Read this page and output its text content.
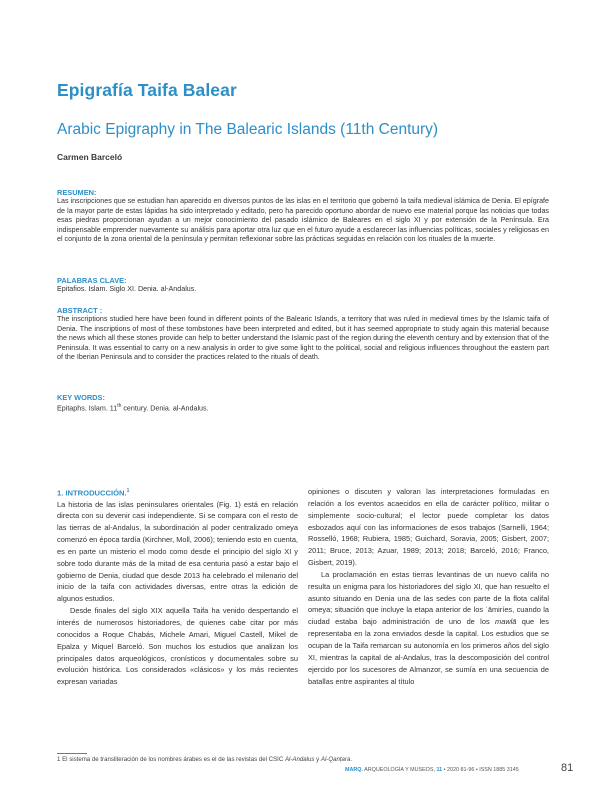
Epigrafía Taifa Balear
Arabic Epigraphy in The Balearic Islands (11th Century)
Carmen Barceló
RESUMEN:
Las inscripciones que se estudian han aparecido en diversos puntos de las islas en el territorio que gobernó la taifa medieval islámica de Denia. El epígrafe de la mayor parte de estas lápidas ha sido interpretado y editado, pero ha parecido oportuno abordar de nuevo ese material porque las noticias que todas esas piedras proporcionan ayudan a un mejor conocimiento del pasado islámico de Baleares en el siglo XI y por extensión de la Península. Era indispensable emprender nuevamente su análisis para aportar otra luz que en el futuro ayude a esclarecer las influencias políticas, sociales y religiosas en el conjunto de la zona oriental de la península y permitan reflexionar sobre las prácticas seguidas en relación con los rituales de la muerte.
PALABRAS CLAVE:
Epitafios. Islam. Siglo XI. Denia. al-Andalus.
ABSTRACT :
The inscriptions studied here have been found in different points of the Balearic Islands, a territory that was ruled in medieval times by the Islamic taifa of Denia. The inscriptions of most of these tombstones have been interpreted and edited, but it has seemed appropriate to study again this material because the news which all these stones provide can help to better understand the Islamic past of the region during the eleventh century and by extension that of the Peninsula. It was essential to carry on a new analysis in order to give some light to the political, social and religious influences throughout the eastern part of the Iberian Peninsula and to consider the practices related to the rituals of death.
KEY WORDS:
Epitaphs. Islam. 11th century. Denia. al-Andalus.
1. INTRODUCCIÓN.$^1$

La historia de las islas peninsulares orientales (Fig. 1) está en relación directa con su devenir casi independiente. Si se compara con el resto de las tierras de al-Andalus, la subordinación al poder centralizado omeya comenzó en época tardía (Kirchner, Moll, 2006); teniendo esto en cuenta, es en parte un misterio el modo como desde el principio del siglo XI y sobre todo durante más de la mitad de esa centuria pasó a estar bajo el gobierno de Denia, ciudad que desde 2013 ha celebrado el milenario del inicio de la taifa con actividades diversas, entre otras la edición de algunos estudios.

Desde finales del siglo XIX aquella Taifa ha venido despertando el interés de numerosos historiadores, de quienes cabe citar por más conocidos a Roque Chabás, Michele Amari, Miguel Castell, Mikel de Epalza y Miquel Barceló. Son muchos los estudios que analizan los principales datos arqueológicos, cronísticos y documentales sobre su evolución histórica. Los considerados «clásicos» y los más recientes expresan variadas

opiniones o discuten y valoran las interpretaciones formuladas en relación a los eventos acaecidos en ella de carácter político, militar o simplemente socio-cultural; el lector puede completar los datos esbozados aquí con las informaciones de esos trabajos (Sarnelli, 1964; Rosselló, 1968; Rubiera, 1985; Guichard, Soravia, 2005; Gisbert, 2007; 2011; Bruce, 2013; Azuar, 1989; 2013; 2018; Barceló, 2016; Franco, Gisbert, 2019).

La proclamación en estas tierras levantinas de un nuevo califa no resulta un enigma para los historiadores del siglo XI, que han resuelto el asunto situando en Denia una de las sedes con parte de la flota califal omeya; situación que incluye la etapa anterior de los ʿāmiríes, cuando la ciudad estaba bajo administración de uno de los mawlā que les representaba en la zona enviados desde la capital. Los estudios que se ocupan de la Taifa remarcan su autonomía en los primeros años del siglo XI, mientras la capital de al-Andalus, tras la descomposición del control ejercido por los sucesores de Almanzor, se sumía en una secuencia de batallas entre aspirantes al título

1 El sistema de transliteración de los nombres árabes es el de las revistas del CSIC Al-Andalus y Al-Qanṭara.
MARQ. ARQUEOLOGÍA Y MUSEOS, 11 • 2020 81-96 • ISSN 1885 3145	81
